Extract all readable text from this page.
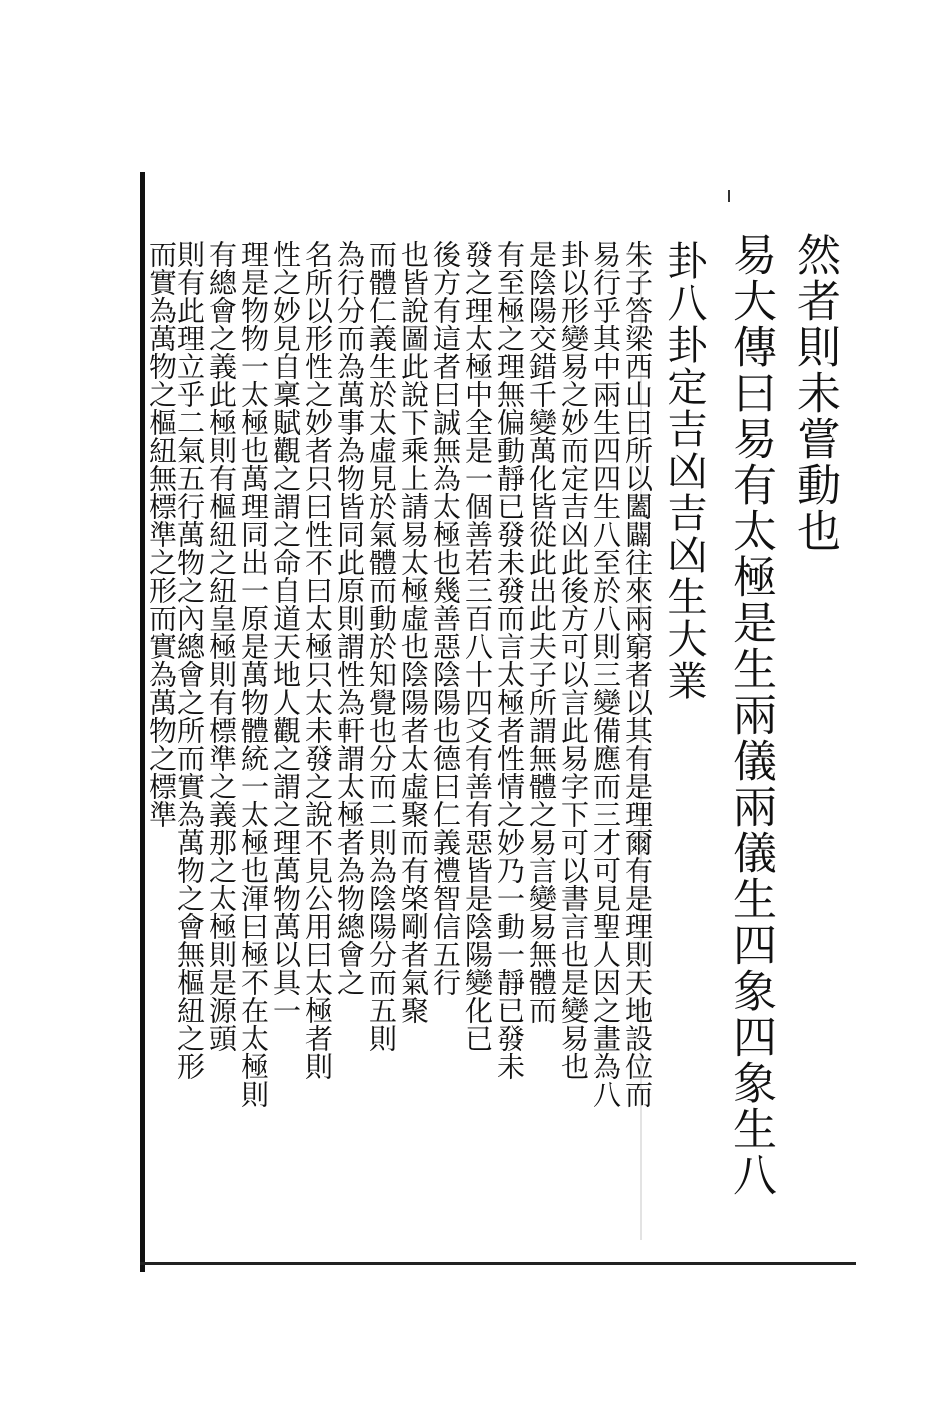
然者則未嘗動也
易大傳曰易有太極是生兩儀兩儀生四象四象生八
卦八卦定吉凶吉凶生大業
朱子答梁西山曰所以闔闢往來兩窮者以其有是理爾有是理則天地設位而
易行乎其中兩生四四生八至於八則三變備應而三才可見聖人因之畫為八
卦以形變易之妙而定吉凶此後方可以言此易字下可以書言也是變易也
是陰陽交錯千變萬化皆從此出此夫子所謂無體之易言變易無體而
有至極之理無偏動靜已發未發而言太極者性情之妙乃一動一靜已發未
發之理太極中全是一個善若三百八十四爻有善有惡皆是陰陽變化已
後方有這者曰誠無為太極也幾善惡陰陽也德曰仁義禮智信五行
也皆說圖此說下乘上請易太極虛也陰陽者太虛聚而有棨剛者氣聚
而體仁義生於太虛見於氣體而動於知覺也分而二則為陰陽分而五則
為行分而為萬事為物皆同此原則謂性為軒謂太極者為物總會之
名所以形性之妙者只曰性不曰太極只太未發之說不見公用曰太極者則
性之妙見自稟賦觀之謂之命自道天地人觀之謂之理萬物萬以具一
理是物物一太極也萬理同出一原是萬物體統一太極也渾曰極不在太極則
有總會之義此極則有樞紐之紐皇極則有標準之義那之太極則是源頭
則有此理立乎二氣五行萬物之內總會之所而實為萬物之會無樞紐之形
而實為萬物之樞紐無標準之形而實為萬物之標準
